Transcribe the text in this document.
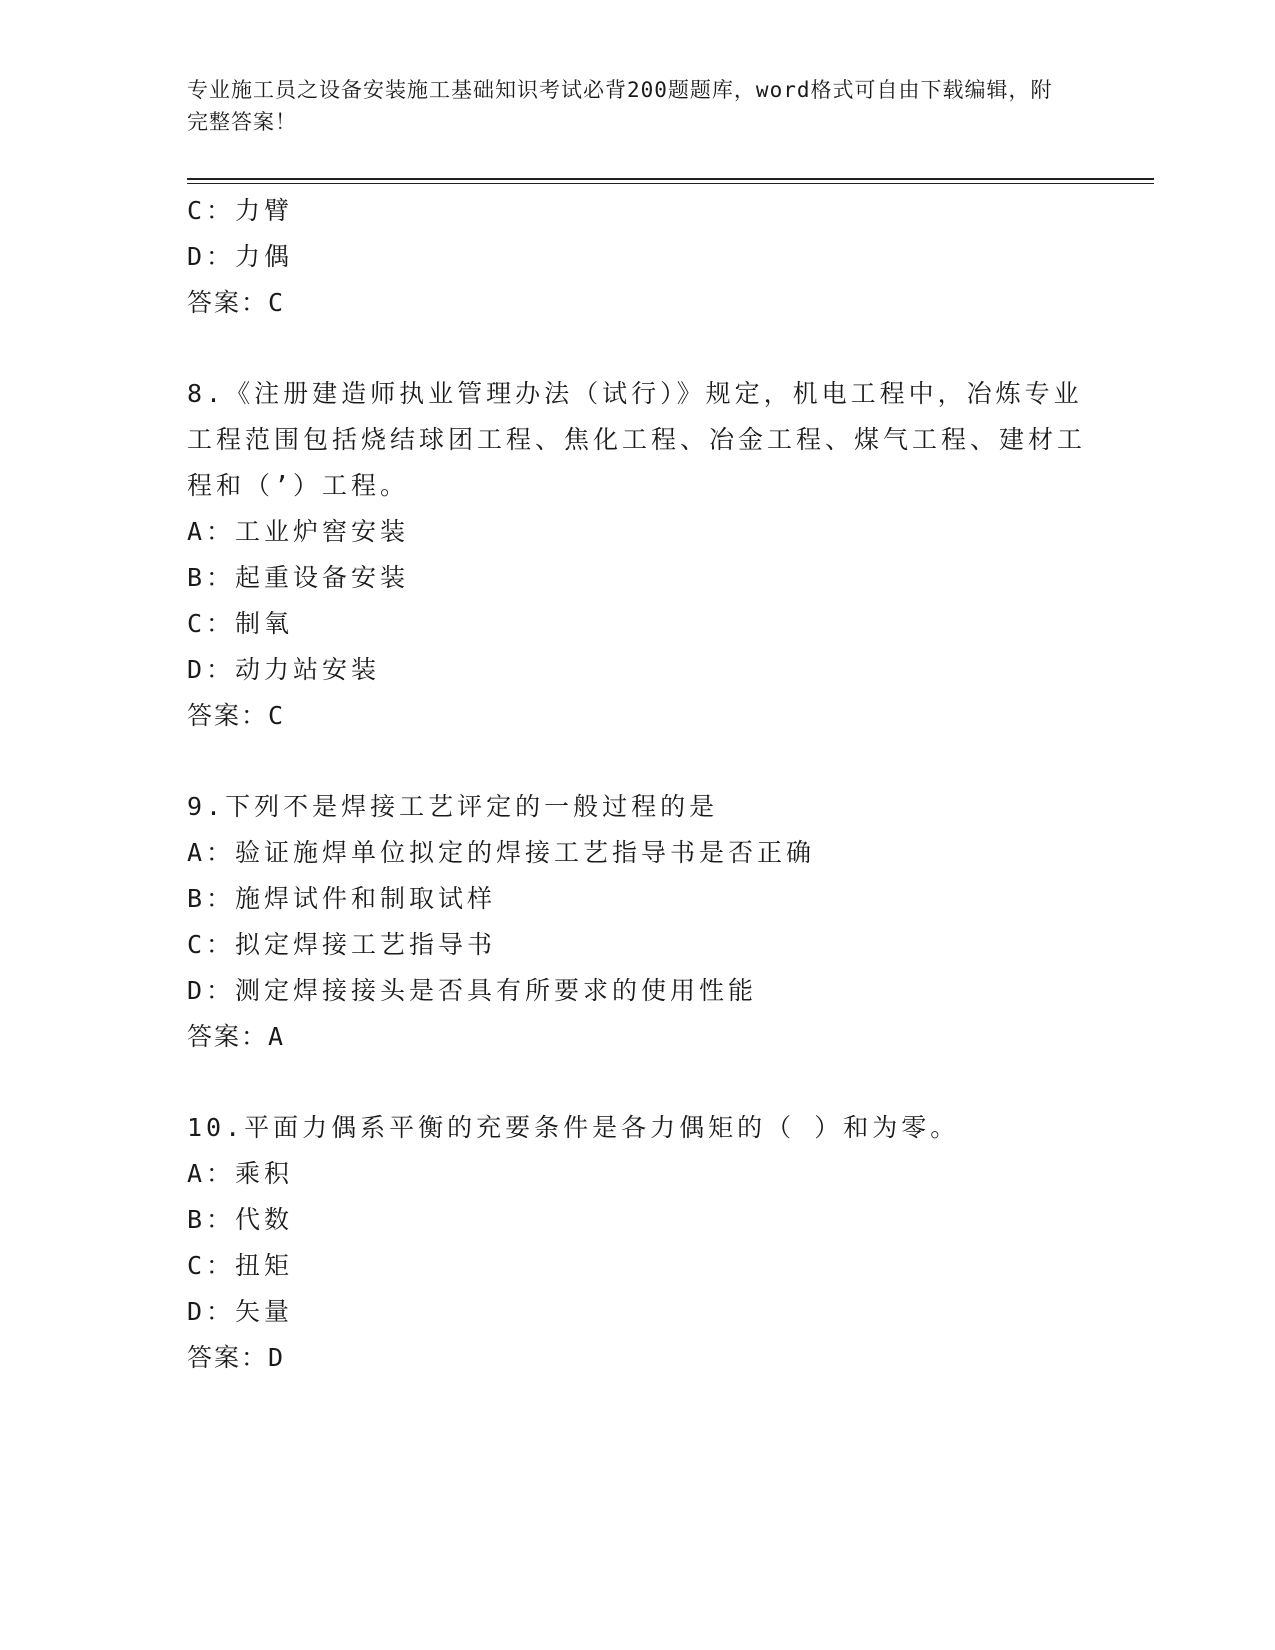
专业施工员之设备安装施工基础知识考试必背200题题库，word格式可自由下载编辑，附完整答案！
C：力臂
D：力偶
答案：C
8.《注册建造师执业管理办法（试行）》规定，机电工程中，冶炼专业工程范围包括烧结球团工程、焦化工程、冶金工程、煤气工程、建材工程和（’）工程。
A：工业炉窖安装
B：起重设备安装
C：制氧
D：动力站安装
答案：C
9.下列不是焊接工艺评定的一般过程的是
A：验证施焊单位拟定的焊接工艺指导书是否正确
B：施焊试件和制取试样
C：拟定焊接工艺指导书
D：测定焊接接头是否具有所要求的使用性能
答案：A
10.平面力偶系平衡的充要条件是各力偶矩的（ ）和为零。
A：乘积
B：代数
C：扭矩
D：矢量
答案：D
